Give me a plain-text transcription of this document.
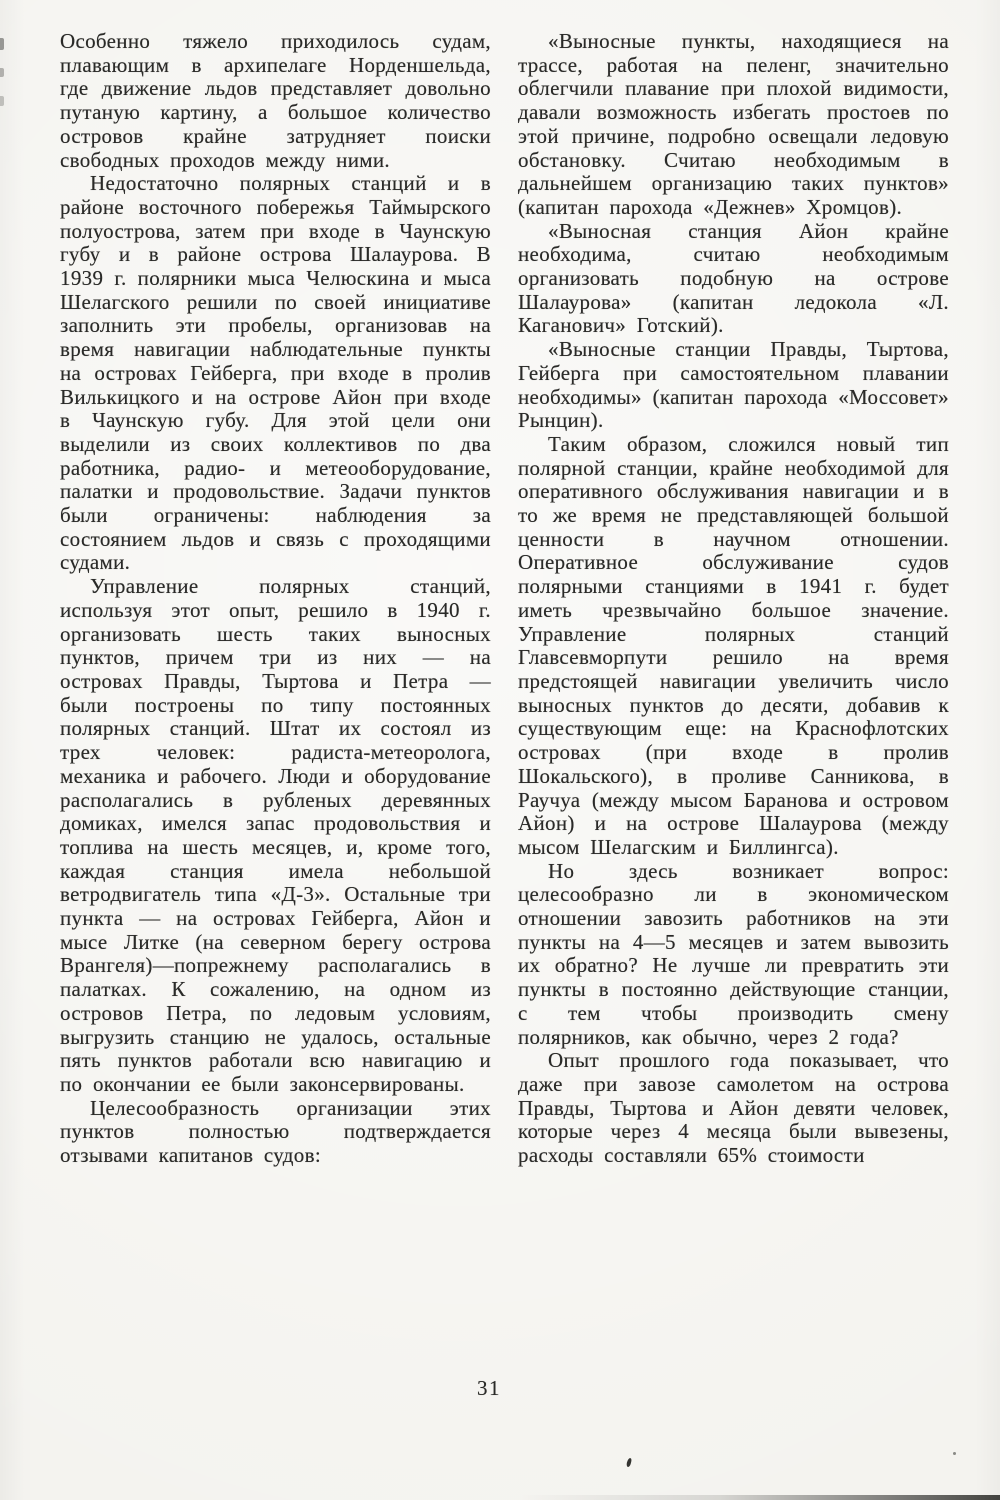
Особенно тяжело приходилось судам, плавающим в архипелаге Норденшельда, где движение льдов представляет довольно путаную картину, а большое количество островов крайне затрудняет поиски свободных проходов между ними.

Недостаточно полярных станций и в районе восточного побережья Таймырского полуострова, затем при входе в Чаунскую губу и в районе острова Шалаурова. В 1939 г. полярники мыса Челюскина и мыса Шелагского решили по своей инициативе заполнить эти пробелы, организовав на время навигации наблюдательные пункты на островах Гейберга, при входе в пролив Вилькицкого и на острове Айон при входе в Чаунскую губу. Для этой цели они выделили из своих коллективов по два работника, радио- и метеооборудование, палатки и продовольствие. Задачи пунктов были ограничены: наблюдения за состоянием льдов и связь с проходящими судами.

Управление полярных станций, используя этот опыт, решило в 1940 г. организовать шесть таких выносных пунктов, причем три из них — на островах Правды, Тыртова и Петра — были построены по типу постоянных полярных станций. Штат их состоял из трех человек: радиста-метеоролога, механика и рабочего. Люди и оборудование располагались в рубленых деревянных домиках, имелся запас продовольствия и топлива на шесть месяцев, и, кроме того, каждая станция имела небольшой ветродвигатель типа «Д-3». Остальные три пункта — на островах Гейберга, Айон и мысе Литке (на северном берегу острова Врангеля)—попрежнему располагались в палатках. К сожалению, на одном из островов Петра, по ледовым условиям, выгрузить станцию не удалось, остальные пять пунктов работали всю навигацию и по окончании ее были законсервированы.

Целесообразность организации этих пунктов полностью подтверждается отзывами капитанов судов:

«Выносные пункты, находящиеся на трассе, работая на пеленг, значительно облегчили плавание при плохой видимости, давали возможность избегать простоев по этой причине, подробно освещали ледовую обстановку. Считаю необходимым в дальнейшем организацию таких пунктов» (капитан парохода «Дежнев» Хромцов).

«Выносная станция Айон крайне необходима, считаю необходимым организовать подобную на острове Шалаурова» (капитан ледокола «Л. Каганович» Готский).

«Выносные станции Правды, Тыртова, Гейберга при самостоятельном плавании необходимы» (капитан парохода «Моссовет» Рынцин).

Таким образом, сложился новый тип полярной станции, крайне необходимой для оперативного обслуживания навигации и в то же время не представляющей большой ценности в научном отношении. Оперативное обслуживание судов полярными станциями в 1941 г. будет иметь чрезвычайно большое значение. Управление полярных станций Главсевморпути решило на время предстоящей навигации увеличить число выносных пунктов до десяти, добавив к существующим еще: на Краснофлотских островах (при входе в пролив Шокальского), в проливе Санникова, в Раучуа (между мысом Баранова и островом Айон) и на острове Шалаурова (между мысом Шелагским и Биллингса).

Но здесь возникает вопрос: целесообразно ли в экономическом отношении завозить работников на эти пункты на 4—5 месяцев и затем вывозить их обратно? Не лучше ли превратить эти пункты в постоянно действующие станции, с тем чтобы производить смену полярников, как обычно, через 2 года?

Опыт прошлого года показывает, что даже при завозе самолетом на острова Правды, Тыртова и Айон девяти человек, которые через 4 месяца были вывезены, расходы составляли 65% стоимости

31
